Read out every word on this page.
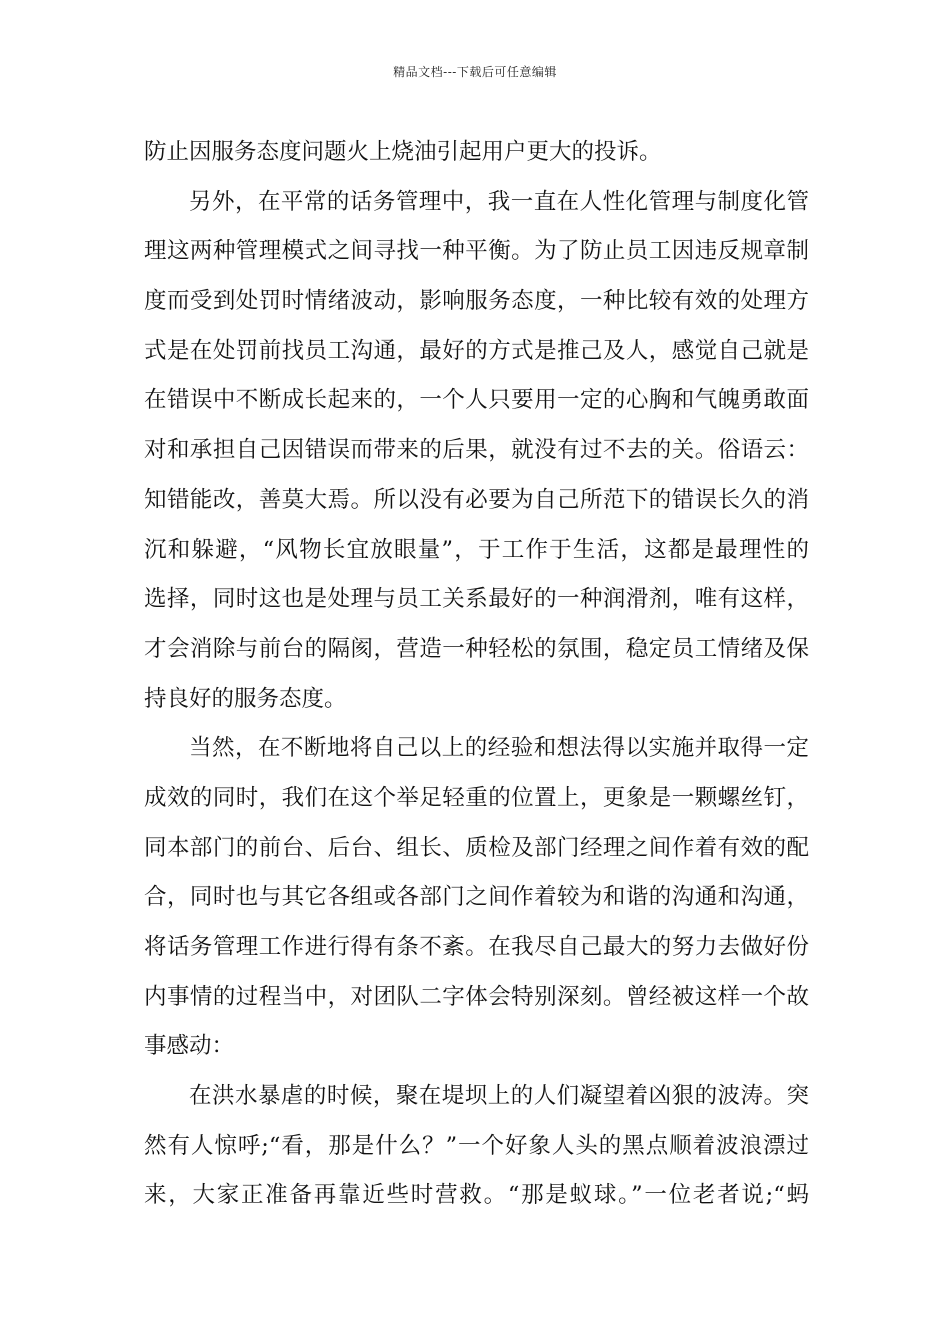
精品文档---下载后可任意编辑
防止因服务态度问题火上烧油引起用户更大的投诉。
另外，在平常的话务管理中，我一直在人性化管理与制度化管
理这两种管理模式之间寻找一种平衡。为了防止员工因违反规章制
度而受到处罚时情绪波动，影响服务态度，一种比较有效的处理方
式是在处罚前找员工沟通，最好的方式是推己及人，感觉自己就是
在错误中不断成长起来的，一个人只要用一定的心胸和气魄勇敢面
对和承担自己因错误而带来的后果，就没有过不去的关。俗语云：
知错能改，善莫大焉。所以没有必要为自己所范下的错误长久的消
沉和躲避，“风物长宜放眼量”，于工作于生活，这都是最理性的
选择，同时这也是处理与员工关系最好的一种润滑剂，唯有这样，
才会消除与前台的隔阂，营造一种轻松的氛围，稳定员工情绪及保
持良好的服务态度。
当然，在不断地将自己以上的经验和想法得以实施并取得一定
成效的同时，我们在这个举足轻重的位置上，更象是一颗螺丝钉，
同本部门的前台、后台、组长、质检及部门经理之间作着有效的配
合，同时也与其它各组或各部门之间作着较为和谐的沟通和沟通，
将话务管理工作进行得有条不紊。在我尽自己最大的努力去做好份
内事情的过程当中，对团队二字体会特别深刻。曾经被这样一个故
事感动：
在洪水暴虐的时候，聚在堤坝上的人们凝望着凶狠的波涛。突
然有人惊呼;“看，那是什么？”一个好象人头的黑点顺着波浪漂过
来，大家正准备再靠近些时营救。“那是蚁球。”一位老者说;“蚂
